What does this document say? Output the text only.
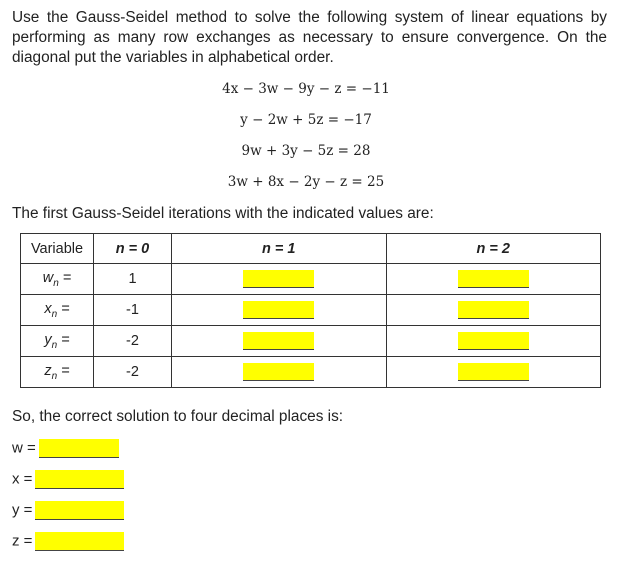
Use the Gauss-Seidel method to solve the following system of linear equations by performing as many row exchanges as necessary to ensure convergence. On the diagonal put the variables in alphabetical order.
4x − 3w − 9y − z = −11
y − 2w + 5z = −17
9w + 3y − 5z = 28
3w + 8x − 2y − z = 25
The first Gauss-Seidel iterations with the indicated values are:
Variable	n = 0	n = 1	n = 2
$w_n$ =	1		
$x_n$ =	-1		
$y_n$ =	-2		
$z_n$ =	-2		
So, the correct solution to four decimal places is:
w =
x =
y =
z =
